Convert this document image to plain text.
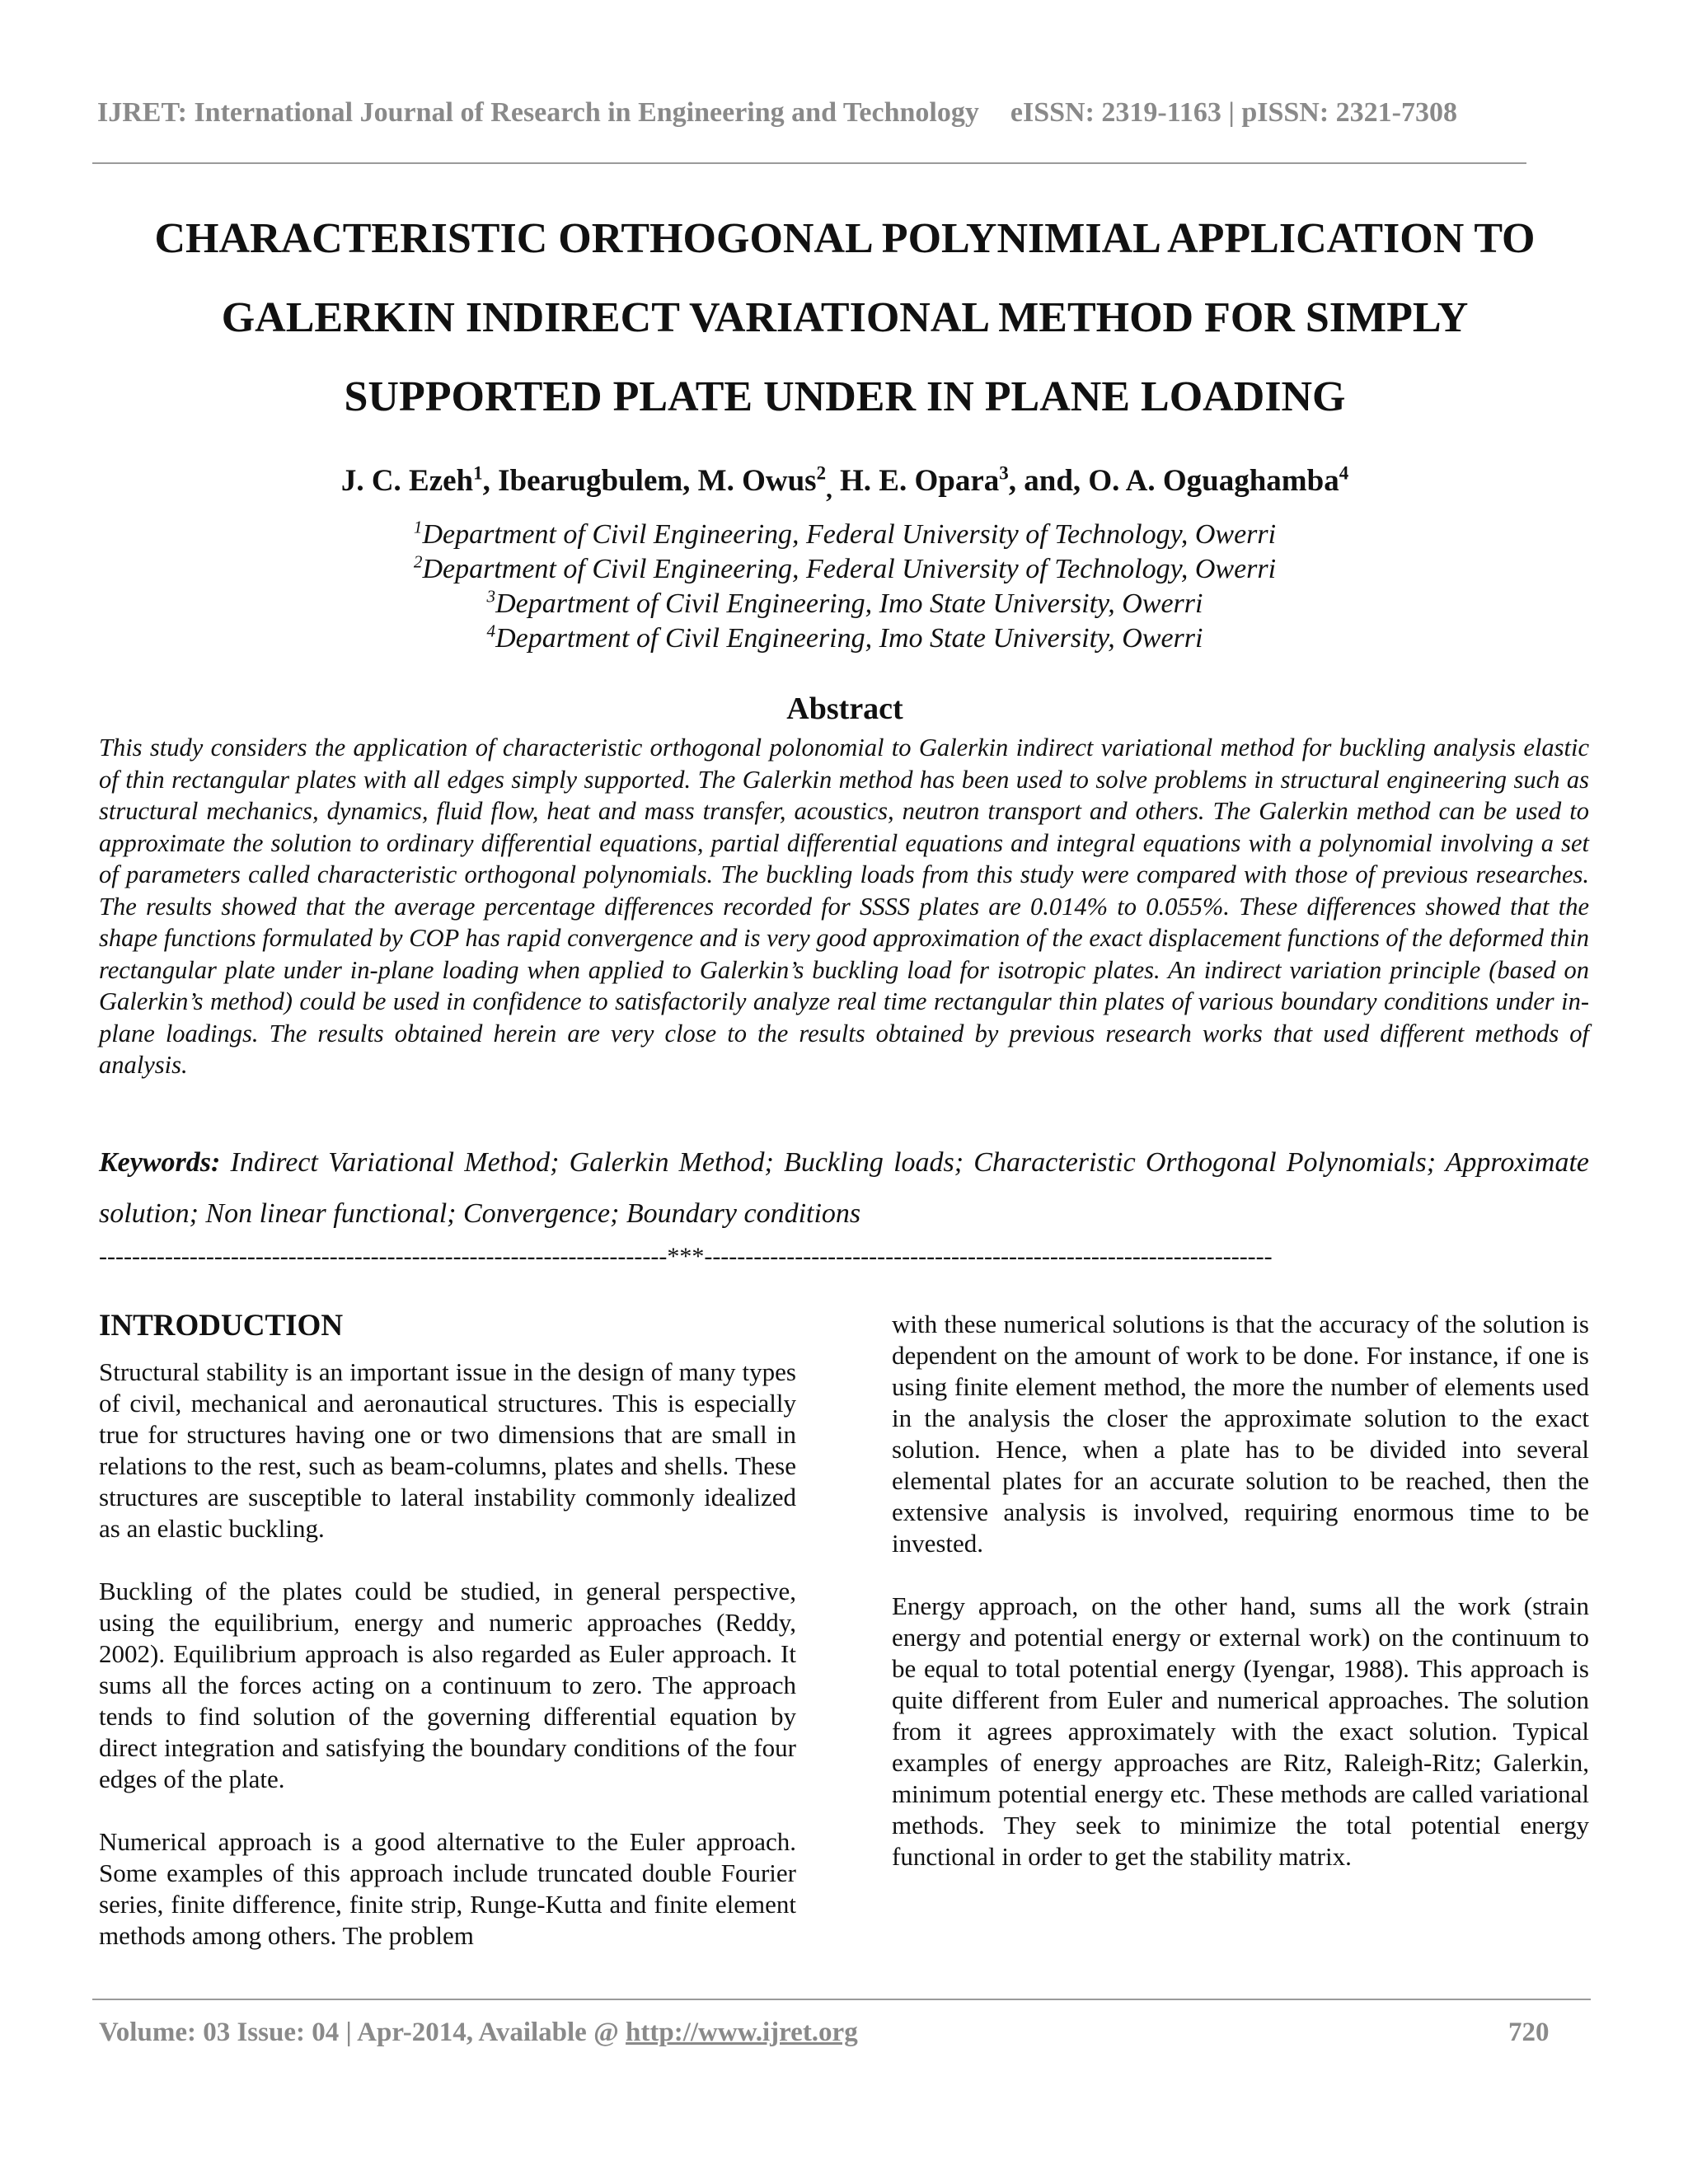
IJRET: International Journal of Research in Engineering and Technology eISSN: 2319-1163 | pISSN: 2321-7308
CHARACTERISTIC ORTHOGONAL POLYNIMIAL APPLICATION TO
GALERKIN INDIRECT VARIATIONAL METHOD FOR SIMPLY
SUPPORTED PLATE UNDER IN PLANE LOADING
J. C. Ezeh$^1$, Ibearugbulem, M. Owus$^2_,$ H. E. Opara$^3$, and, O. A. Oguaghamba$^4$
$^1$Department of Civil Engineering, Federal University of Technology, Owerri
$^2$Department of Civil Engineering, Federal University of Technology, Owerri
$^3$Department of Civil Engineering, Imo State University, Owerri
$^4$Department of Civil Engineering, Imo State University, Owerri
Abstract
This study considers the application of characteristic orthogonal polonomial to Galerkin indirect variational method for buckling analysis elastic of thin rectangular plates with all edges simply supported. The Galerkin method has been used to solve problems in structural engineering such as structural mechanics, dynamics, fluid flow, heat and mass transfer, acoustics, neutron transport and others. The Galerkin method can be used to approximate the solution to ordinary differential equations, partial differential equations and integral equations with a polynomial involving a set of parameters called characteristic orthogonal polynomials. The buckling loads from this study were compared with those of previous researches. The results showed that the average percentage differences recorded for SSSS plates are 0.014% to 0.055%. These differences showed that the shape functions formulated by COP has rapid convergence and is very good approximation of the exact displacement functions of the deformed thin rectangular plate under in-plane loading when applied to Galerkin’s buckling load for isotropic plates. An indirect variation principle (based on Galerkin’s method) could be used in confidence to satisfactorily analyze real time rectangular thin plates of various boundary conditions under in- plane loadings. The results obtained herein are very close to the results obtained by previous research works that used different methods of analysis.
Keywords: Indirect Variational Method; Galerkin Method; Buckling loads; Characteristic Orthogonal Polynomials; Approximate solution; Non linear functional; Convergence; Boundary conditions
---------------------------------------------------------------------***---------------------------------------------------------------------
INTRODUCTION

Structural stability is an important issue in the design of many types of civil, mechanical and aeronautical structures. This is especially true for structures having one or two dimensions that are small in relations to the rest, such as beam-columns, plates and shells. These structures are susceptible to lateral instability commonly idealized as an elastic buckling.

Buckling of the plates could be studied, in general perspective, using the equilibrium, energy and numeric approaches (Reddy, 2002). Equilibrium approach is also regarded as Euler approach. It sums all the forces acting on a continuum to zero. The approach tends to find solution of the governing differential equation by direct integration and satisfying the boundary conditions of the four edges of the plate.

Numerical approach is a good alternative to the Euler approach. Some examples of this approach include truncated double Fourier series, finite difference, finite strip, Runge-Kutta and finite element methods among others. The problem

with these numerical solutions is that the accuracy of the solution is dependent on the amount of work to be done. For instance, if one is using finite element method, the more the number of elements used in the analysis the closer the approximate solution to the exact solution. Hence, when a plate has to be divided into several elemental plates for an accurate solution to be reached, then the extensive analysis is involved, requiring enormous time to be invested.

Energy approach, on the other hand, sums all the work (strain energy and potential energy or external work) on the continuum to be equal to total potential energy (Iyengar, 1988). This approach is quite different from Euler and numerical approaches. The solution from it agrees approximately with the exact solution. Typical examples of energy approaches are Ritz, Raleigh-Ritz; Galerkin, minimum potential energy etc. These methods are called variational methods. They seek to minimize the total potential energy functional in order to get the stability matrix.

Volume: 03 Issue: 04 | Apr-2014, Available @ http://www.ijret.org	720
